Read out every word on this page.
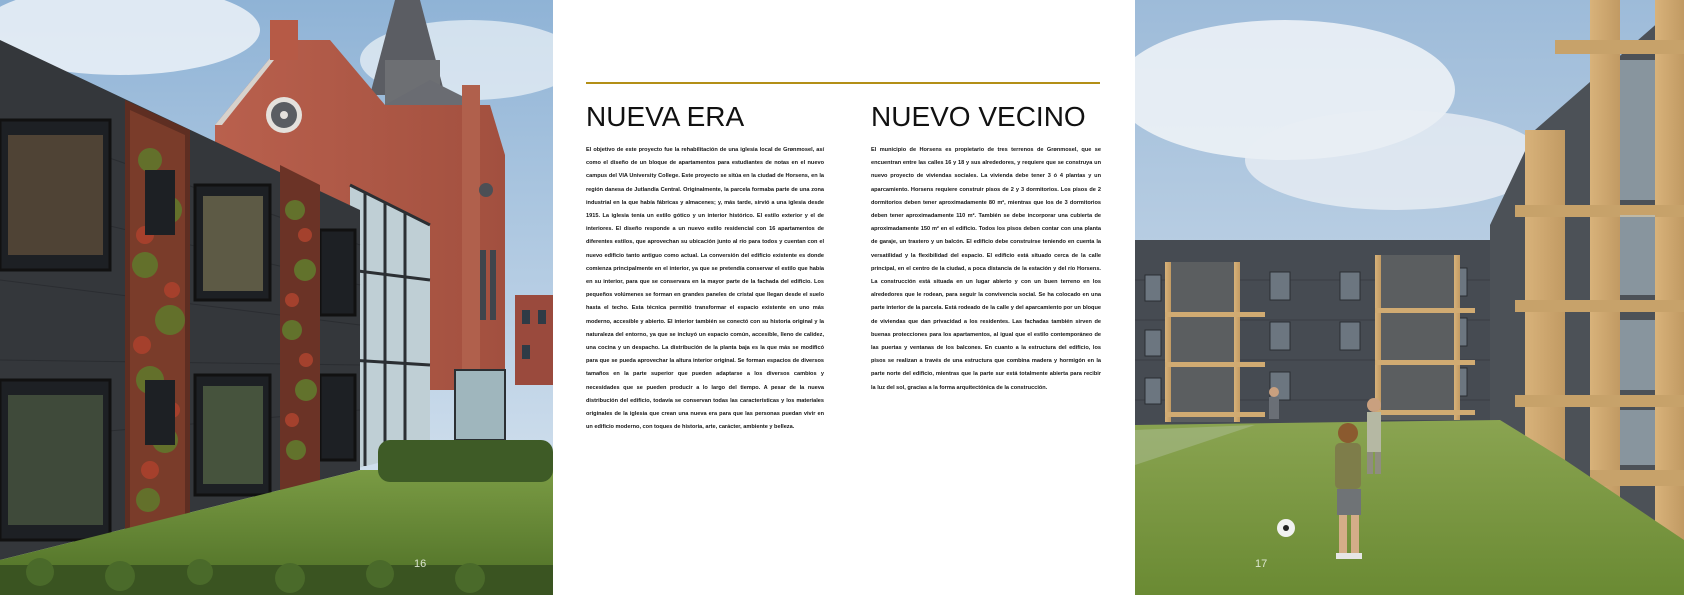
16
NUEVA ERA

El objetivo de este proyecto fue la rehabilitación de una iglesia local de Grønmosel, así como el diseño de un bloque de apartamentos para estudiantes de notas en el nuevo campus del VIA University College. Este proyecto se sitúa en la ciudad de Horsens, en la región danesa de Jutlandia Central. Originalmente, la parcela formaba parte de una zona industrial en la que había fábricas y almacenes; y, más tarde, sirvió a una iglesia desde 1915. La iglesia tenía un estilo gótico y un interior histórico. El estilo exterior y el de interiores. El diseño responde a un nuevo estilo residencial con 16 apartamentos de diferentes estilos, que aprovechan su ubicación junto al río para todos y cuentan con el nuevo edificio tanto antiguo como actual. La conversión del edificio existente es donde comienza principalmente en el interior, ya que se pretendía conservar el estilo que había en su interior, para que se conservara en la mayor parte de la fachada del edificio. Los pequeños volúmenes se forman en grandes paneles de cristal que llegan desde el suelo hasta el techo. Esta técnica permitió transformar el espacio existente en uno más moderno, accesible y abierto. El interior también se conectó con su historia original y la naturaleza del entorno, ya que se incluyó un espacio común, accesible, lleno de calidez, una cocina y un despacho. La distribución de la planta baja es la que más se modificó para que se pueda aprovechar la altura interior original. Se forman espacios de diversos tamaños en la parte superior que pueden adaptarse a los diversos cambios y necesidades que se pueden producir a lo largo del tiempo. A pesar de la nueva distribución del edificio, todavía se conservan todas las características y los materiales originales de la iglesia que crean una nueva era para que las personas puedan vivir en un edificio moderno, con toques de historia, arte, carácter, ambiente y belleza.

NUEVO VECINO

El municipio de Horsens es propietario de tres terrenos de Grønmosel, que se encuentran entre las calles 16 y 18 y sus alrededores, y requiere que se construya un nuevo proyecto de viviendas sociales. La vivienda debe tener 3 ó 4 plantas y un aparcamiento. Horsens requiere construir pisos de 2 y 3 dormitorios. Los pisos de 2 dormitorios deben tener aproximadamente 80 m², mientras que los de 3 dormitorios deben tener aproximadamente 110 m². También se debe incorporar una cubierta de aproximadamente 150 m² en el edificio. Todos los pisos deben contar con una planta de garaje, un trastero y un balcón. El edificio debe construirse teniendo en cuenta la versatilidad y la flexibilidad del espacio. El edificio está situado cerca de la calle principal, en el centro de la ciudad, a poca distancia de la estación y del río Horsens. La construcción está situada en un lugar abierto y con un buen terreno en los alrededores que le rodean, para seguir la convivencia social. Se ha colocado en una parte interior de la parcela. Está rodeado de la calle y del aparcamiento por un bloque de viviendas que dan privacidad a los residentes. Las fachadas también sirven de buenas protecciones para los apartamentos, al igual que el estilo contemporáneo de las puertas y ventanas de los balcones. En cuanto a la estructura del edificio, los pisos se realizan a través de una estructura que combina madera y hormigón en la parte norte del edificio, mientras que la parte sur está totalmente abierta para recibir la luz del sol, gracias a la forma arquitectónica de la construcción.

17
